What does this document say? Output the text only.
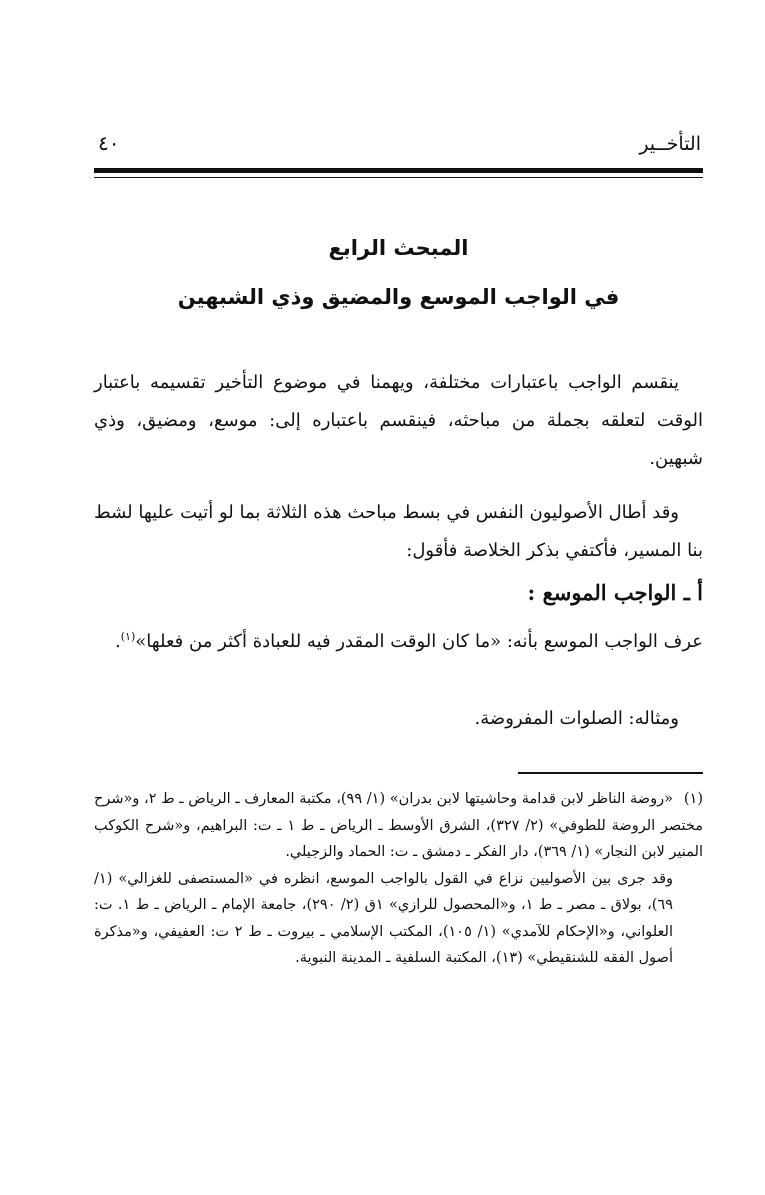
التأخــير
٤٠
المبحث الرابع
في الواجب الموسع والمضيق وذي الشبهين
ينقسم الواجب باعتبارات مختلفة، ويهمنا في موضوع التأخير تقسيمه باعتبار الوقت لتعلقه بجملة من مباحثه، فينقسم باعتباره إلى: موسع، ومضيق، وذي شبهين.
وقد أطال الأصوليون النفس في بسط مباحث هذه الثلاثة بما لو أتيت عليها لشط بنا المسير، فأكتفي بذكر الخلاصة فأقول:
أ ـ الواجب الموسع :
عرف الواجب الموسع بأنه: «ما كان الوقت المقدر فيه للعبادة أكثر من فعلها»$^{(١)}$.
ومثاله: الصلوات المفروضة.
(١)«روضة الناظر لابن قدامة وحاشيتها لابن بدران» (١/ ٩٩)، مكتبة المعارف ـ الرياض ـ ط ٢، و«شرح مختصر الروضة للطوفي» (٢/ ٣٢٧)، الشرق الأوسط ـ الرياض ـ ط ١ ـ ت: البراهيم، و«شرح الكوكب المنير لابن النجار» (١/ ٣٦٩)، دار الفكر ـ دمشق ـ ت: الحماد والزجيلي.
وقد جرى بين الأصوليين نزاع في القول بالواجب الموسع، انظره في «المستصفى للغزالي» (١/ ٦٩)، بولاق ـ مصر ـ ط ١، و«المحصول للرازي» ١ق (٢/ ٢٩٠)، جامعة الإمام ـ الرياض ـ ط ١. ت: العلواني، و«الإحكام للآمدي» (١/ ١٠٥)، المكتب الإسلامي ـ بيروت ـ ط ٢ ت: العفيفي، و«مذكرة أصول الفقه للشنقيطي» (١٣)، المكتبة السلفية ـ المدينة النبوية.
